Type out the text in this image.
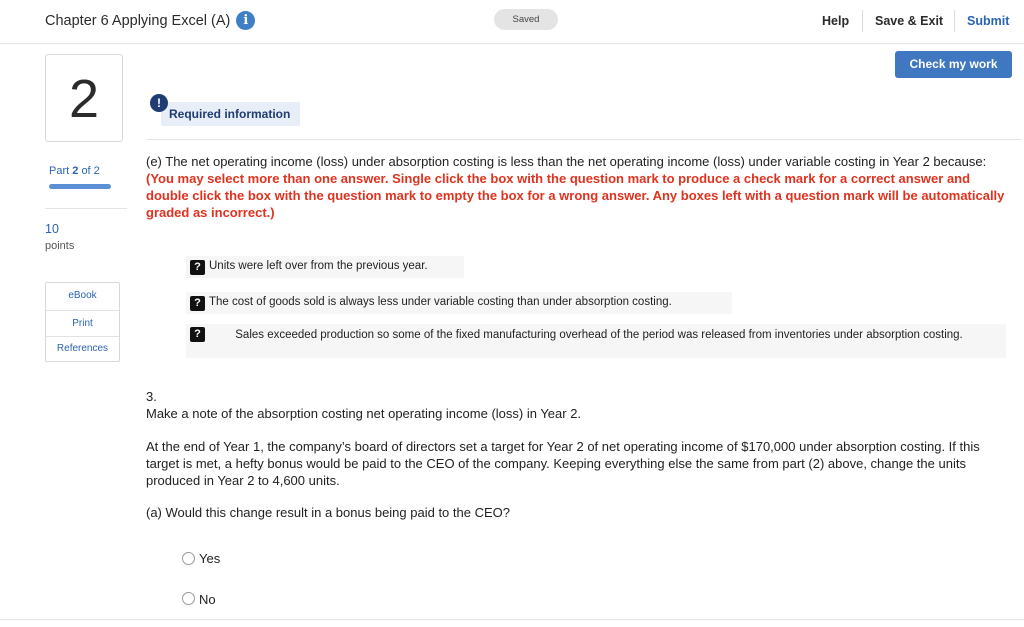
Chapter 6 Applying Excel (A)	i	Saved	Help Save & Exit Submit
2
Part 2 of 2
10
points
eBook
Print
References
Check my work
Required information
!
(e) The net operating income (loss) under absorption costing is less than the net operating income (loss) under variable costing in Year 2 because: (You may select more than one answer. Single click the box with the question mark to produce a check mark for a correct answer and double click the box with the question mark to empty the box for a wrong answer. Any boxes left with a question mark will be automatically graded as incorrect.)
? Units were left over from the previous year.
? The cost of goods sold is always less under variable costing than under absorption costing.
?	Sales exceeded production so some of the fixed manufacturing overhead of the period was released from inventories under absorption costing.
3.
Make a note of the absorption costing net operating income (loss) in Year 2.
At the end of Year 1, the company’s board of directors set a target for Year 2 of net operating income of $170,000 under absorption costing. If this target is met, a hefty bonus would be paid to the CEO of the company. Keeping everything else the same from part (2) above, change the units produced in Year 2 to 4,600 units.
(a) Would this change result in a bonus being paid to the CEO?
Yes
No
